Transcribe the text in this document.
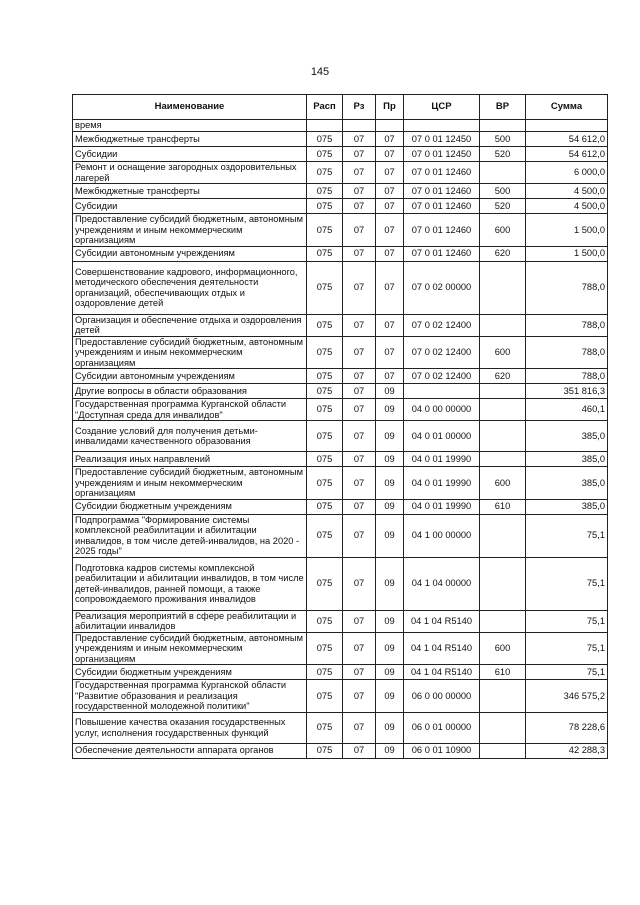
145
Наименование	Расп	Рз	Пр	ЦСР	ВР	Сумма
время						
Межбюджетные трансферты	075	07	07	07 0 01 12450	500	54 612,0
Субсидии	075	07	07	07 0 01 12450	520	54 612,0
Ремонт и оснащение загородных оздоровительных лагерей	075	07	07	07 0 01 12460		6 000,0
Межбюджетные трансферты	075	07	07	07 0 01 12460	500	4 500,0
Субсидии	075	07	07	07 0 01 12460	520	4 500,0
Предоставление субсидий бюджетным, автономным учреждениям и иным некоммерческим организациям	075	07	07	07 0 01 12460	600	1 500,0
Субсидии автономным учреждениям	075	07	07	07 0 01 12460	620	1 500,0
Совершенствование кадрового, информационного, методического обеспечения деятельности организаций, обеспечивающих отдых и оздоровление детей	075	07	07	07 0 02 00000		788,0
Организация и обеспечение отдыха и оздоровления детей	075	07	07	07 0 02 12400		788,0
Предоставление субсидий бюджетным, автономным учреждениям и иным некоммерческим организациям	075	07	07	07 0 02 12400	600	788,0
Субсидии автономным учреждениям	075	07	07	07 0 02 12400	620	788,0
Другие вопросы в области образования	075	07	09			351 816,3
Государственная программа Курганской области "Доступная среда для инвалидов"	075	07	09	04 0 00 00000		460,1
Создание условий для получения детьми-инвалидами качественного образования	075	07	09	04 0 01 00000		385,0
Реализация иных направлений	075	07	09	04 0 01 19990		385,0
Предоставление субсидий бюджетным, автономным учреждениям и иным некоммерческим организациям	075	07	09	04 0 01 19990	600	385,0
Субсидии бюджетным учреждениям	075	07	09	04 0 01 19990	610	385,0
Подпрограмма "Формирование системы комплексной реабилитации и абилитации инвалидов, в том числе детей-инвалидов, на 2020 - 2025 годы"	075	07	09	04 1 00 00000		75,1
Подготовка кадров системы комплексной реабилитации и абилитации инвалидов, в том числе детей-инвалидов, ранней помощи, а также сопровождаемого проживания инвалидов	075	07	09	04 1 04 00000		75,1
Реализация мероприятий в сфере реабилитации и абилитации инвалидов	075	07	09	04 1 04 R5140		75,1
Предоставление субсидий бюджетным, автономным учреждениям и иным некоммерческим организациям	075	07	09	04 1 04 R5140	600	75,1
Субсидии бюджетным учреждениям	075	07	09	04 1 04 R5140	610	75,1
Государственная программа Курганской области "Развитие образования и реализация государственной молодежной политики"	075	07	09	06 0 00 00000		346 575,2
Повышение качества оказания государственных услуг, исполнения государственных функций	075	07	09	06 0 01 00000		78 228,6
Обеспечение деятельности аппарата органов	075	07	09	06 0 01 10900		42 288,3
